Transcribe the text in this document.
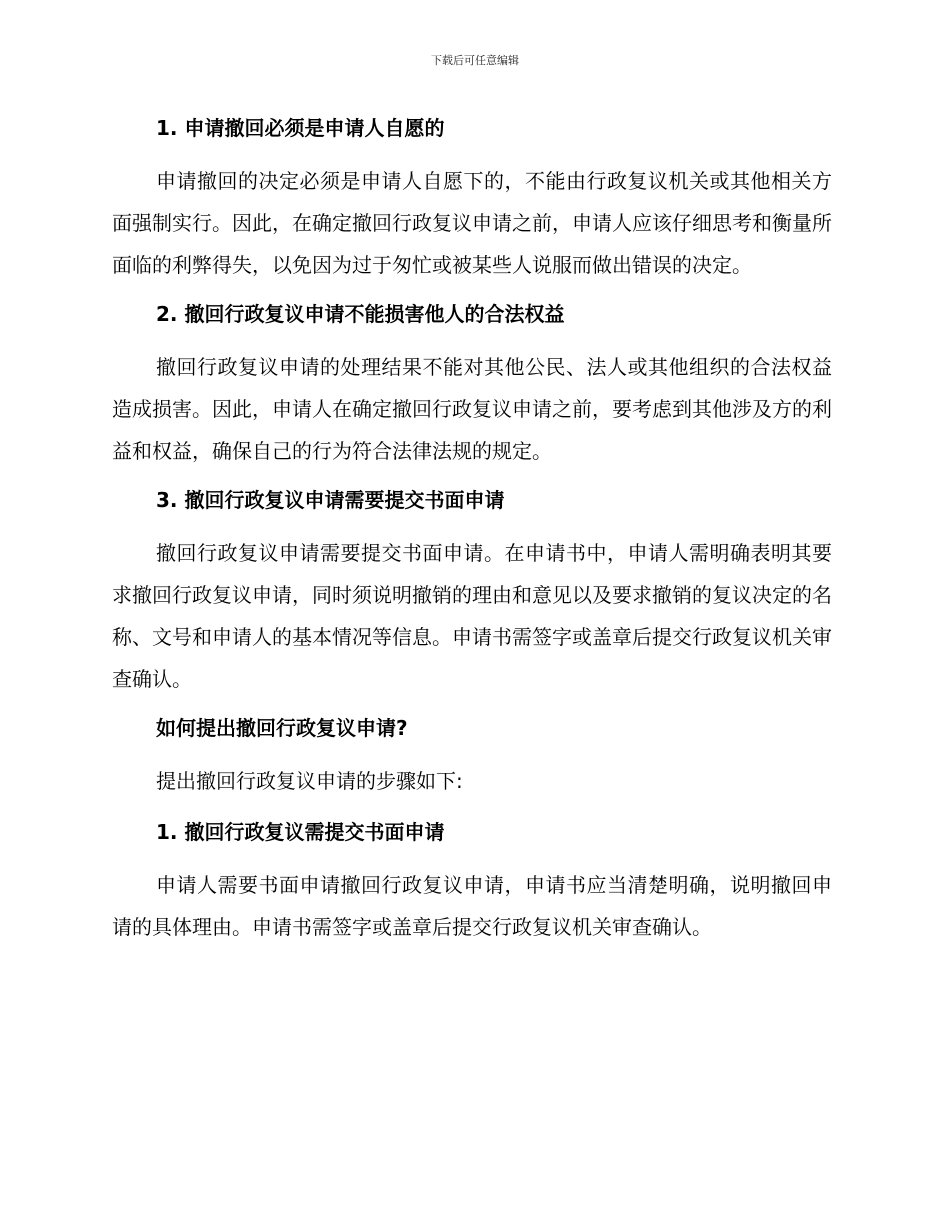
下载后可任意编辑

1. 申请撤回必须是申请人自愿的

申请撤回的决定必须是申请人自愿下的，不能由行政复议机关或其他相关方面强制实行。因此，在确定撤回行政复议申请之前，申请人应该仔细思考和衡量所面临的利弊得失，以免因为过于匆忙或被某些人说服而做出错误的决定。

2. 撤回行政复议申请不能损害他人的合法权益

撤回行政复议申请的处理结果不能对其他公民、法人或其他组织的合法权益造成损害。因此，申请人在确定撤回行政复议申请之前，要考虑到其他涉及方的利益和权益，确保自己的行为符合法律法规的规定。

3. 撤回行政复议申请需要提交书面申请

撤回行政复议申请需要提交书面申请。在申请书中，申请人需明确表明其要求撤回行政复议申请，同时须说明撤销的理由和意见以及要求撤销的复议决定的名称、文号和申请人的基本情况等信息。申请书需签字或盖章后提交行政复议机关审查确认。

如何提出撤回行政复议申请?

提出撤回行政复议申请的步骤如下:

1. 撤回行政复议需提交书面申请

申请人需要书面申请撤回行政复议申请，申请书应当清楚明确，说明撤回申请的具体理由。申请书需签字或盖章后提交行政复议机关审查确认。
